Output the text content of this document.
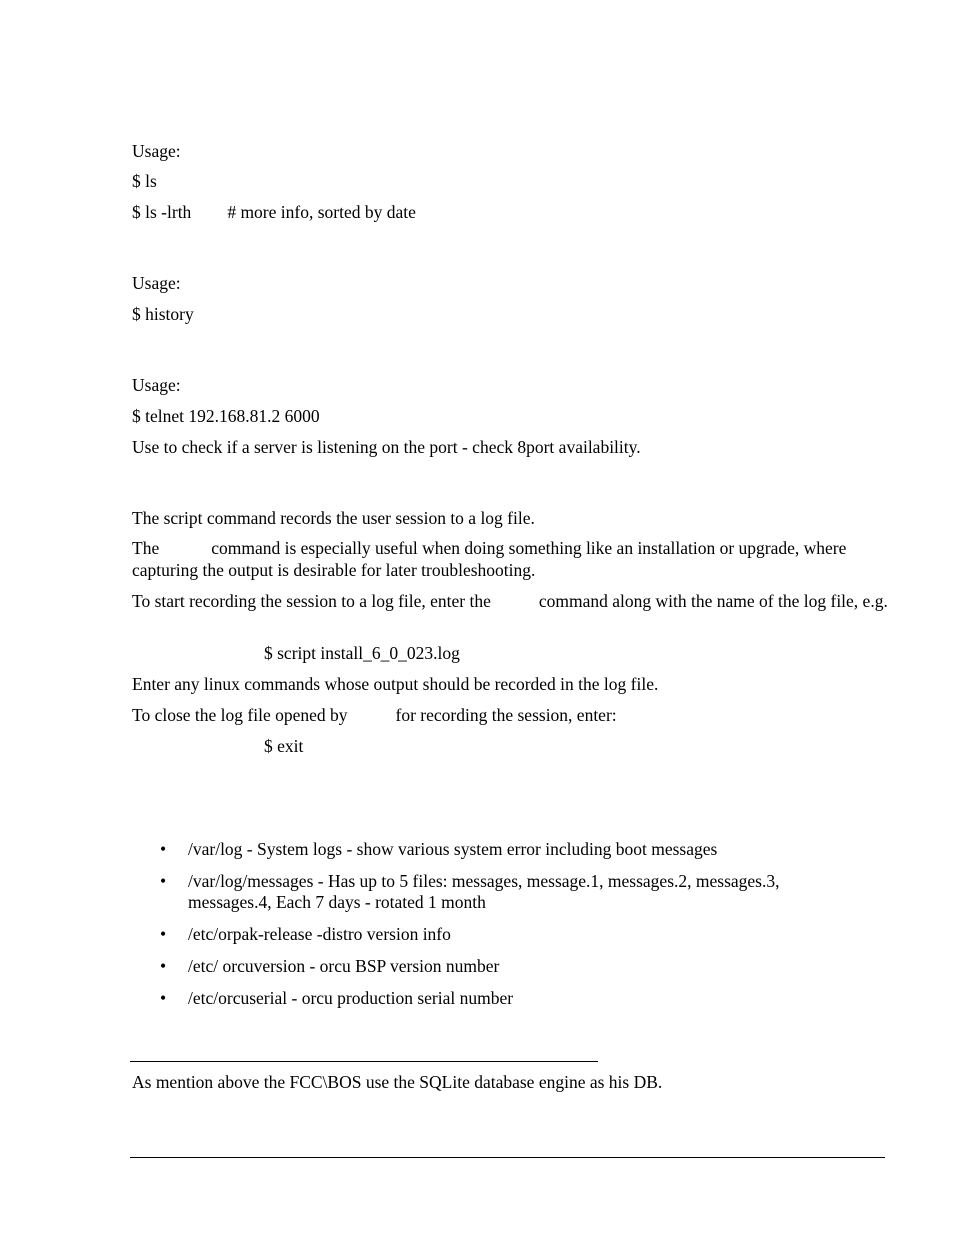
Usage:

$ ls

$ ls -lrth # more info, sorted by date

Usage:

$ history

Usage:

$ telnet 192.168.81.2 6000

Use to check if a server is listening on the port - check 8port availability.

The script command records the user session to a log file.

The	command is especially useful when doing something like an installation or upgrade, where capturing the output is desirable for later troubleshooting.

To start recording the session to a log file, enter the	command along with the name of the log file, e.g.

$ script install_6_0_023.log

Enter any linux commands whose output should be recorded in the log file.

To close the log file opened by	for recording the session, enter:

$ exit

•	/var/log - System logs - show various system error including boot messages
•	/var/log/messages - Has up to 5 files: messages, message.1, messages.2, messages.3, messages.4, Each 7 days - rotated 1 month
•	/etc/orpak-release -distro version info
•	/etc/ orcuversion - orcu BSP version number
•	/etc/orcuserial - orcu production serial number

As mention above the FCC\BOS use the SQLite database engine as his DB.
